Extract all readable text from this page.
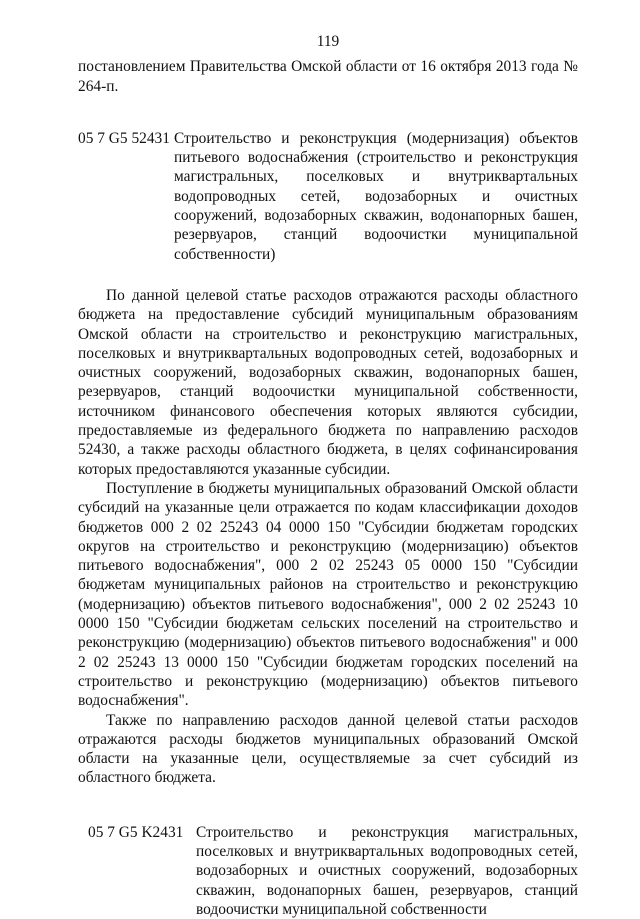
119

постановлением Правительства Омской области от 16 октября 2013 года № 264-п.

05 7 G5 52431 Строительство и реконструкция (модернизация) объектов питьевого водоснабжения (строительство и реконструкция магистральных, поселковых и внутриквартальных водопроводных сетей, водозаборных и очистных сооружений, водозаборных скважин, водонапорных башен, резервуаров, станций водоочистки муниципальной собственности)

По данной целевой статье расходов отражаются расходы областного бюджета на предоставление субсидий муниципальным образованиям Омской области на строительство и реконструкцию магистральных, поселковых и внутриквартальных водопроводных сетей, водозаборных и очистных сооружений, водозаборных скважин, водонапорных башен, резервуаров, станций водоочистки муниципальной собственности, источником финансового обеспечения которых являются субсидии, предоставляемые из федерального бюджета по направлению расходов 52430, а также расходы областного бюджета, в целях софинансирования которых предоставляются указанные субсидии.

Поступление в бюджеты муниципальных образований Омской области субсидий на указанные цели отражается по кодам классификации доходов бюджетов 000 2 02 25243 04 0000 150 "Субсидии бюджетам городских округов на строительство и реконструкцию (модернизацию) объектов питьевого водоснабжения", 000 2 02 25243 05 0000 150 "Субсидии бюджетам муниципальных районов на строительство и реконструкцию (модернизацию) объектов питьевого водоснабжения", 000 2 02 25243 10 0000 150 "Субсидии бюджетам сельских поселений на строительство и реконструкцию (модернизацию) объектов питьевого водоснабжения" и 000 2 02 25243 13 0000 150 "Субсидии бюджетам городских поселений на строительство и реконструкцию (модернизацию) объектов питьевого водоснабжения".

Также по направлению расходов данной целевой статьи расходов отражаются расходы бюджетов муниципальных образований Омской области на указанные цели, осуществляемые за счет субсидий из областного бюджета.

05 7 G5 K2431 Строительство и реконструкция магистральных, поселковых и внутриквартальных водопроводных сетей, водозаборных и очистных сооружений, водозаборных скважин, водонапорных башен, резервуаров, станций водоочистки муниципальной собственности
